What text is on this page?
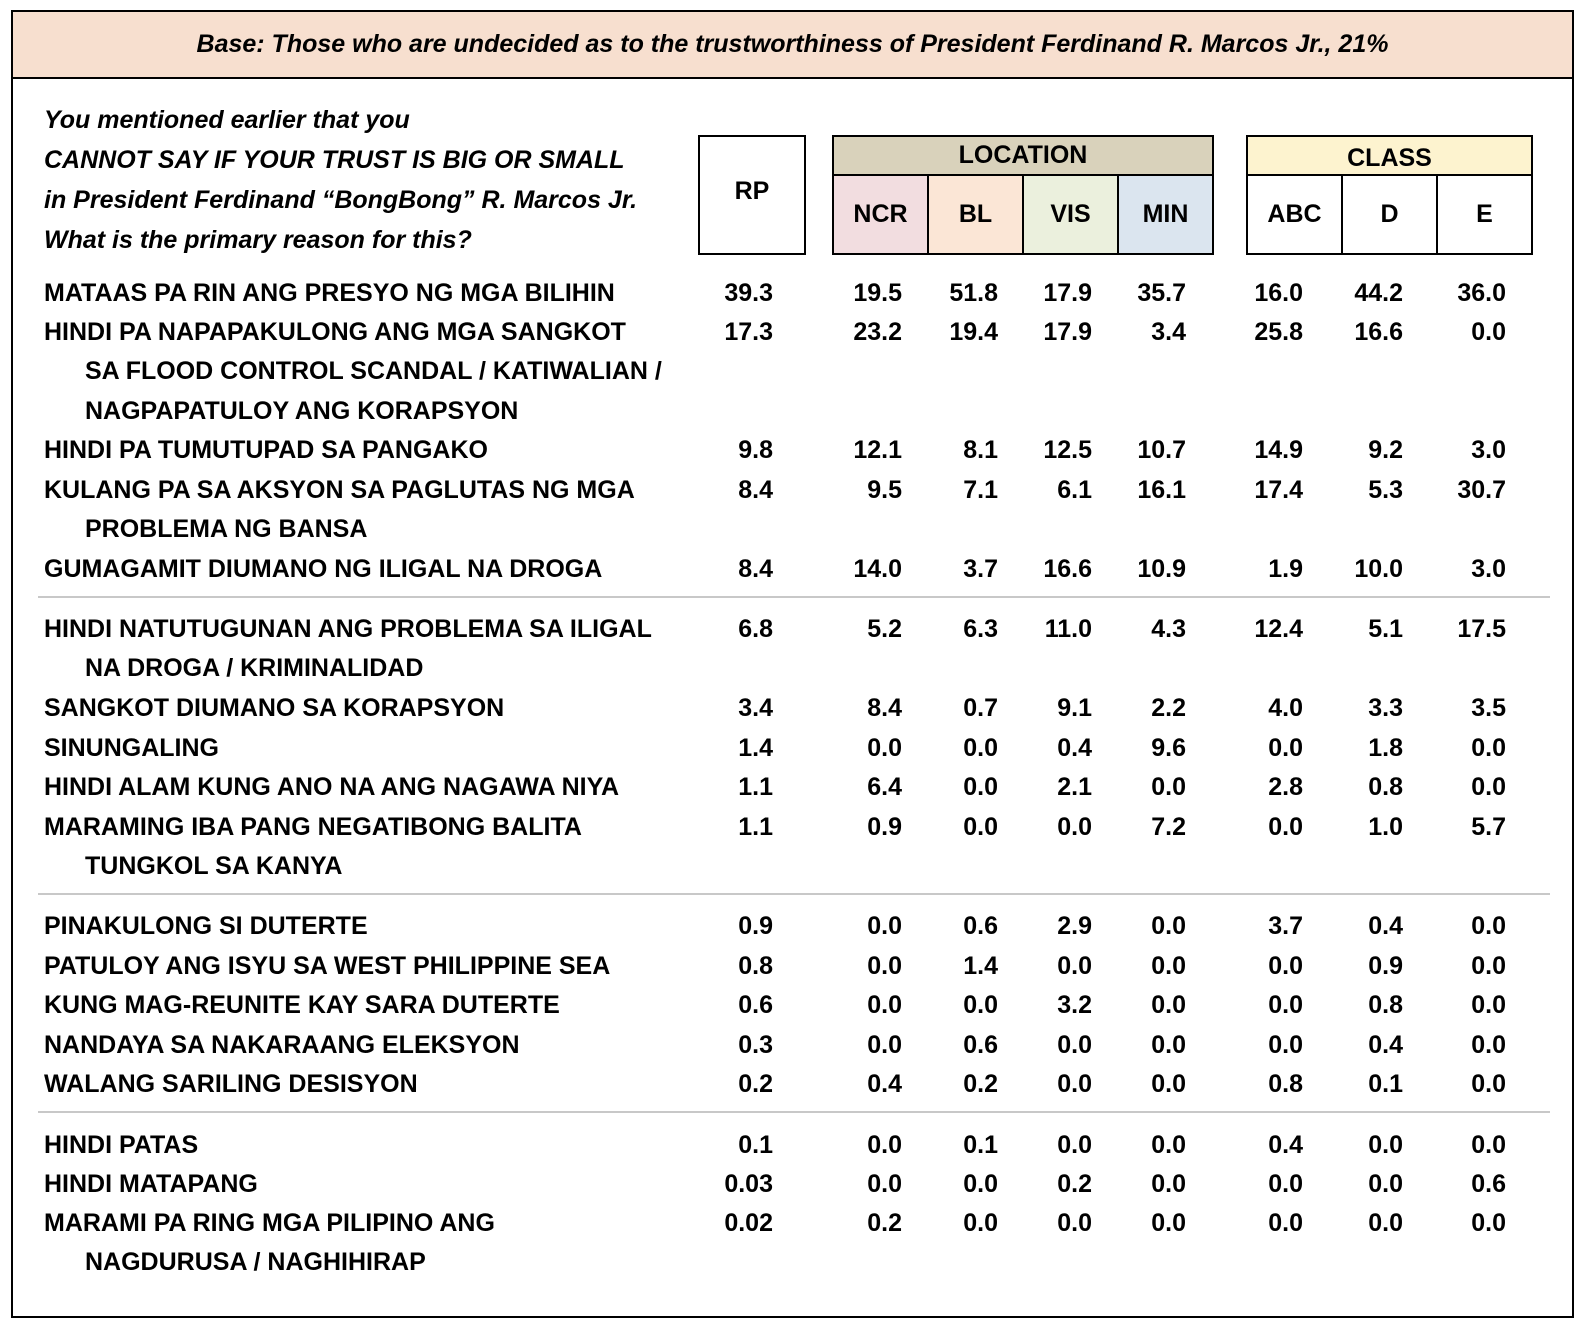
Base: Those who are undecided as to the trustworthiness of President Ferdinand R. Marcos Jr., 21%
You mentioned earlier that you
CANNOT SAY IF YOUR TRUST IS BIG OR SMALL
in President Ferdinand “BongBong” R. Marcos Jr.
What is the primary reason for this?
RP
LOCATION
NCR	BL	VIS	MIN
CLASS
ABC	D	E
MATAAS PA RIN ANG PRESYO NG MGA BILIHIN	39.3	19.5	51.8	17.9	35.7	16.0	44.2	36.0
HINDI PA NAPAPAKULONG ANG MGA SANGKOT
SA FLOOD CONTROL SCANDAL / KATIWALIAN /
NAGPAPATULOY ANG KORAPSYON
17.3	23.2	19.4	17.9	3.4	25.8	16.6	0.0
HINDI PA TUMUTUPAD SA PANGAKO	9.8	12.1	8.1	12.5	10.7	14.9	9.2	3.0
KULANG PA SA AKSYON SA PAGLUTAS NG MGA
PROBLEMA NG BANSA
8.4	9.5	7.1	6.1	16.1	17.4	5.3	30.7
GUMAGAMIT DIUMANO NG ILIGAL NA DROGA	8.4	14.0	3.7	16.6	10.9	1.9	10.0	3.0
HINDI NATUTUGUNAN ANG PROBLEMA SA ILIGAL
NA DROGA / KRIMINALIDAD
6.8	5.2	6.3	11.0	4.3	12.4	5.1	17.5
SANGKOT DIUMANO SA KORAPSYON	3.4	8.4	0.7	9.1	2.2	4.0	3.3	3.5
SINUNGALING	1.4	0.0	0.0	0.4	9.6	0.0	1.8	0.0
HINDI ALAM KUNG ANO NA ANG NAGAWA NIYA	1.1	6.4	0.0	2.1	0.0	2.8	0.8	0.0
MARAMING IBA PANG NEGATIBONG BALITA
TUNGKOL SA KANYA
1.1	0.9	0.0	0.0	7.2	0.0	1.0	5.7
PINAKULONG SI DUTERTE	0.9	0.0	0.6	2.9	0.0	3.7	0.4	0.0
PATULOY ANG ISYU SA WEST PHILIPPINE SEA	0.8	0.0	1.4	0.0	0.0	0.0	0.9	0.0
KUNG MAG-REUNITE KAY SARA DUTERTE	0.6	0.0	0.0	3.2	0.0	0.0	0.8	0.0
NANDAYA SA NAKARAANG ELEKSYON	0.3	0.0	0.6	0.0	0.0	0.0	0.4	0.0
WALANG SARILING DESISYON	0.2	0.4	0.2	0.0	0.0	0.8	0.1	0.0
HINDI PATAS	0.1	0.0	0.1	0.0	0.0	0.4	0.0	0.0
HINDI MATAPANG	0.03	0.0	0.0	0.2	0.0	0.0	0.0	0.6
MARAMI PA RING MGA PILIPINO ANG
NAGDURUSA / NAGHIHIRAP
0.02	0.2	0.0	0.0	0.0	0.0	0.0	0.0
